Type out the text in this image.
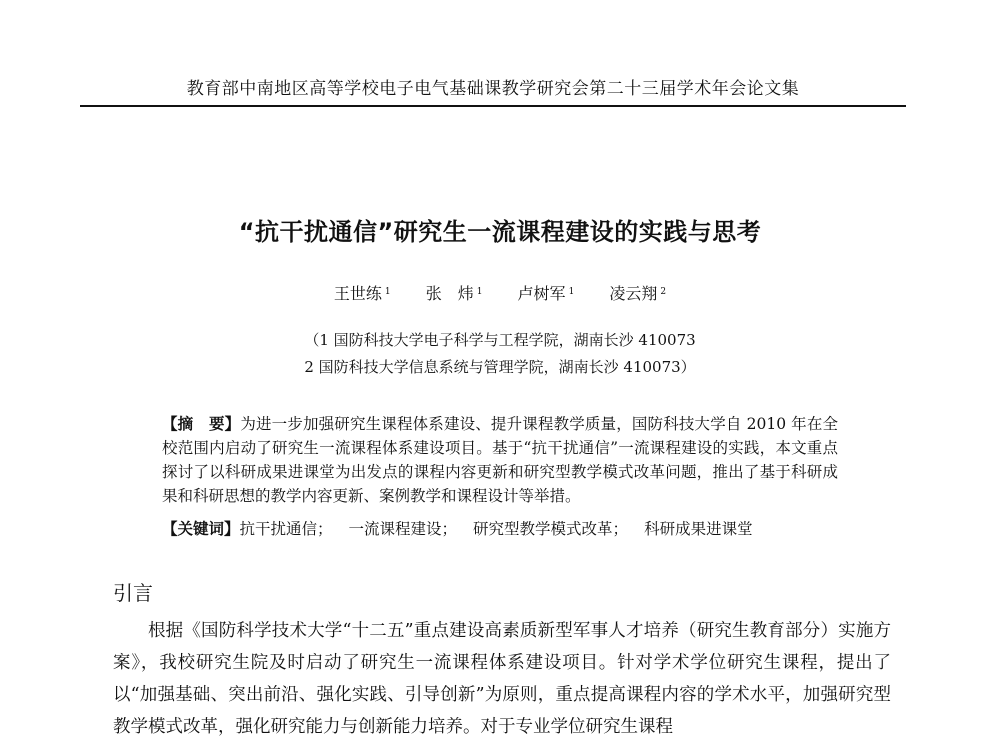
教育部中南地区高等学校电子电气基础课教学研究会第二十三届学术年会论文集
“抗干扰通信”研究生一流课程建设的实践与思考
王世练 $^1$ 张　炜 $^1$ 卢树军 $^1$ 凌云翔 $^2$
（1 国防科技大学电子科学与工程学院，湖南长沙 410073
2 国防科技大学信息系统与管理学院，湖南长沙 410073）
【摘　要】为进一步加强研究生课程体系建设、提升课程教学质量，国防科技大学自 2010 年在全校范围内启动了研究生一流课程体系建设项目。基于“抗干扰通信”一流课程建设的实践，本文重点探讨了以科研成果进课堂为出发点的课程内容更新和研究型教学模式改革问题，推出了基于科研成果和科研思想的教学内容更新、案例教学和课程设计等举措。
【关键词】抗干扰通信； 一流课程建设； 研究型教学模式改革； 科研成果进课堂
引言
根据《国防科学技术大学“十二五”重点建设高素质新型军事人才培养（研究生教育部分）实施方案》，我校研究生院及时启动了研究生一流课程体系建设项目。针对学术学位研究生课程，提出了以“加强基础、突出前沿、强化实践、引导创新”为原则，重点提高课程内容的学术水平，加强研究型教学模式改革，强化研究能力与创新能力培养。对于专业学位研究生课程
